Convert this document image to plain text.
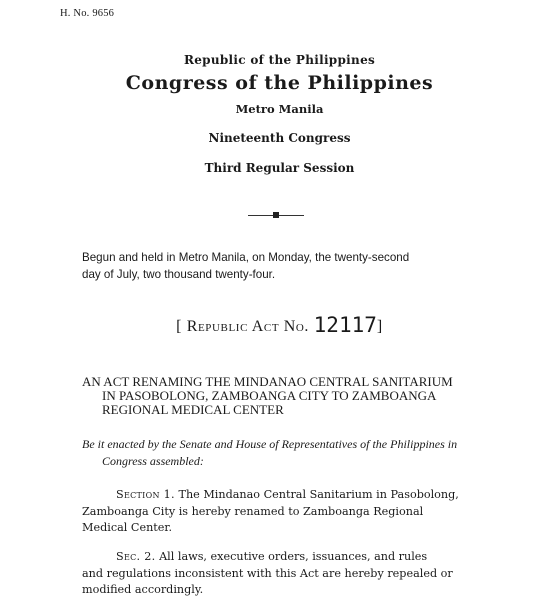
H. No. 9656
Republic of the Philippines
Congress of the Philippines
Metro Manila
Nineteenth Congress
Third Regular Session
Begun and held in Metro Manila, on Monday, the twenty-second
day of July, two thousand twenty-four.
[ Republic Act No. 12117]
AN ACT RENAMING THE MINDANAO CENTRAL SANITARIUM
IN PASOBOLONG, ZAMBOANGA CITY TO ZAMBOANGA
REGIONAL MEDICAL CENTER
Be it enacted by the Senate and House of Representatives of the Philippines in
Congress assembled:
Section 1. The Mindanao Central Sanitarium in Pasobolong,
Zamboanga City is hereby renamed to Zamboanga Regional
Medical Center.
Sec. 2. All laws, executive orders, issuances, and rules
and regulations inconsistent with this Act are hereby repealed or
modified accordingly.
